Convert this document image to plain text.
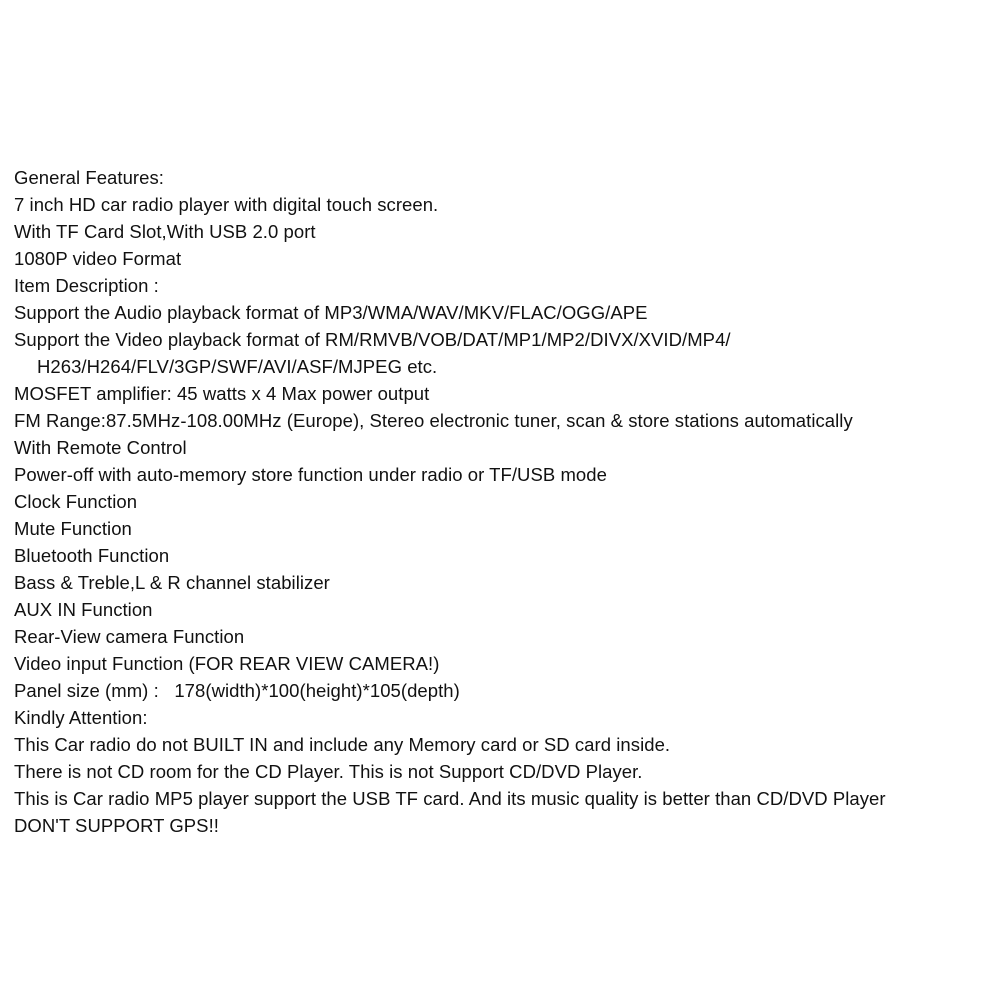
General Features:
7 inch HD car radio player with digital touch screen.
With TF Card Slot,With USB 2.0 port
1080P video Format
Item Description :
Support the Audio playback format of MP3/WMA/WAV/MKV/FLAC/OGG/APE
Support the Video playback format of RM/RMVB/VOB/DAT/MP1/MP2/DIVX/XVID/MP4/
H263/H264/FLV/3GP/SWF/AVI/ASF/MJPEG etc.
MOSFET amplifier: 45 watts x 4 Max power output
FM Range:87.5MHz-108.00MHz (Europe), Stereo electronic tuner, scan & store stations automatically
With Remote Control
Power-off with auto-memory store function under radio or TF/USB mode
Clock Function
Mute Function
Bluetooth Function
Bass & Treble,L & R channel stabilizer
AUX IN Function
Rear-View camera Function
Video input Function (FOR REAR VIEW CAMERA!)
Panel size (mm) :   178(width)*100(height)*105(depth)
Kindly Attention:
This Car radio do not BUILT IN and include any Memory card or SD card inside.
There is not CD room for the CD Player. This is not Support CD/DVD Player.
This is Car radio MP5 player support the USB TF card. And its music quality is better than CD/DVD Player
DON'T SUPPORT GPS!!
